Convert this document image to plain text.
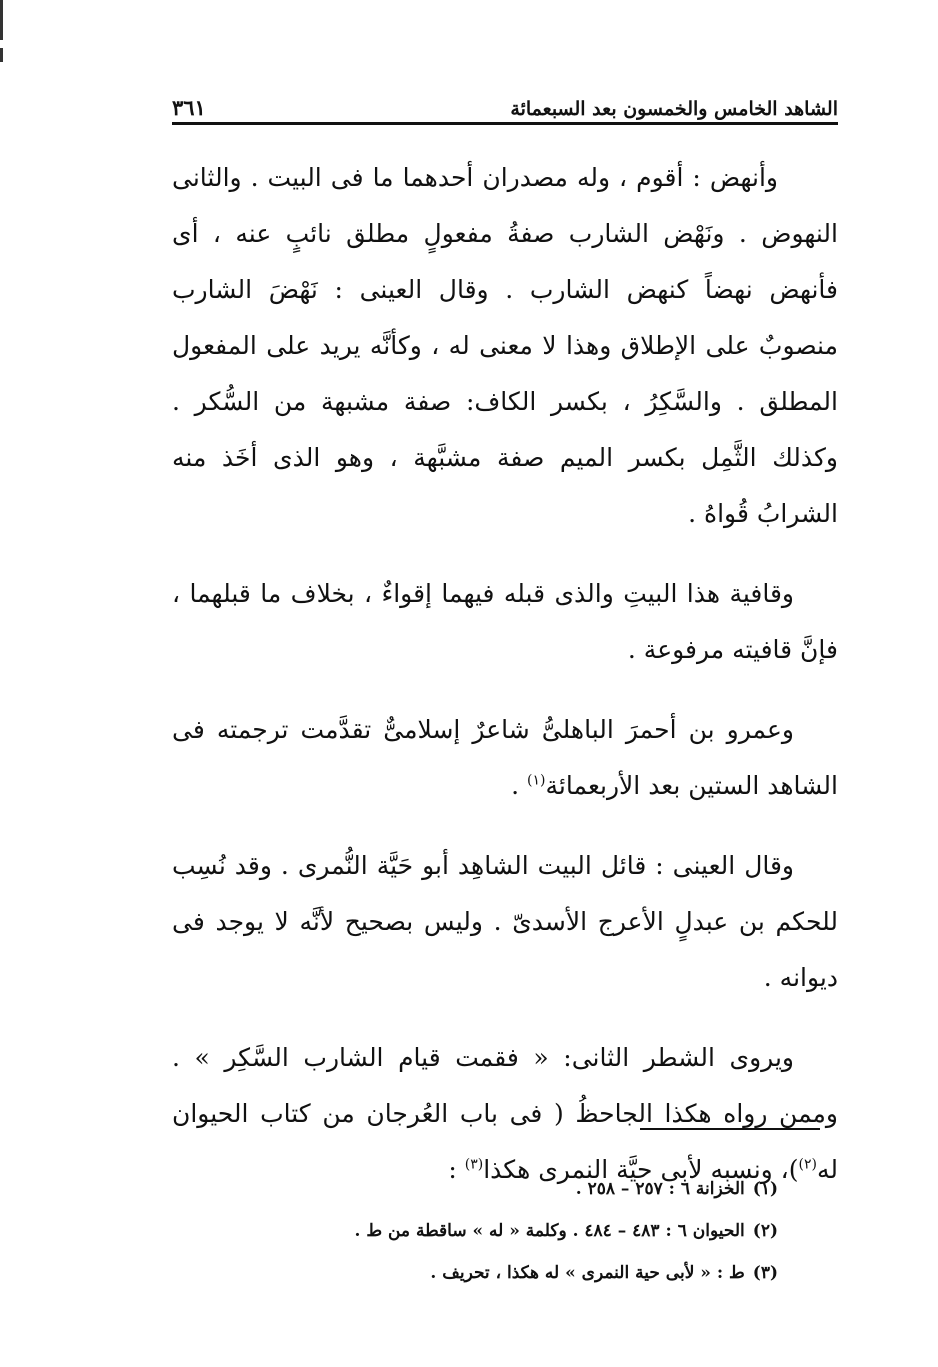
الشاهد الخامس والخمسون بعد السبعمائة
٣٦١

وأنهض : أقوم ، وله مصدران أحدهما ما فى البيت . والثانى النهوض . ونَهْض الشارب صفةُ مفعولٍ مطلق نائبٍ عنه ، أى فأنهض نهضاً كنهض الشارب . وقال العينى : نَهْضَ الشارب منصوبٌ على الإطلاق وهذا لا معنى له ، وكأنَّه يريد على المفعول المطلق . والسَّكِرُ ، بكسر الكاف: صفة مشبهة من السُّكر . وكذلك الثَّمِل بكسر الميم صفة مشبَّهة ، وهو الذى أخَذ منه الشرابُ قُواهُ .

وقافية هذا البيتِ والذى قبله فيهما إقواءٌ ، بخلاف ما قبلهما ، فإنَّ قافيته مرفوعة .

وعمرو بن أحمرَ الباهلىُّ شاعرٌ إسلامىٌّ تقدَّمت ترجمته فى الشاهد الستين بعد الأربعمائة$^{(١)}$ .

وقال العينى : قائل البيت الشاهِد أبو حَيَّة النُّمرى . وقد نُسِب للحكم بن عبدلٍ الأعرج الأسدىّ . وليس بصحيح لأنَّه لا يوجد فى ديوانه .

ويروى الشطر الثانى: « فقمت قيام الشارب السَّكِر » . وممن رواه هكذا الجاحظُ ( فى باب العُرجان من كتاب الحيوان له$^{(٢)}$)، ونسبه لأبى حيَّة النمرى هكذا$^{(٣)}$ :

(١)الخزانة ٦ : ٢٥٧ – ٢٥٨ .
(٢)الحيوان ٦ : ٤٨٣ – ٤٨٤ . وكلمة « له » ساقطة من ط .
(٣)ط : « لأبى حية النمرى » له هكذا ، تحريف .
